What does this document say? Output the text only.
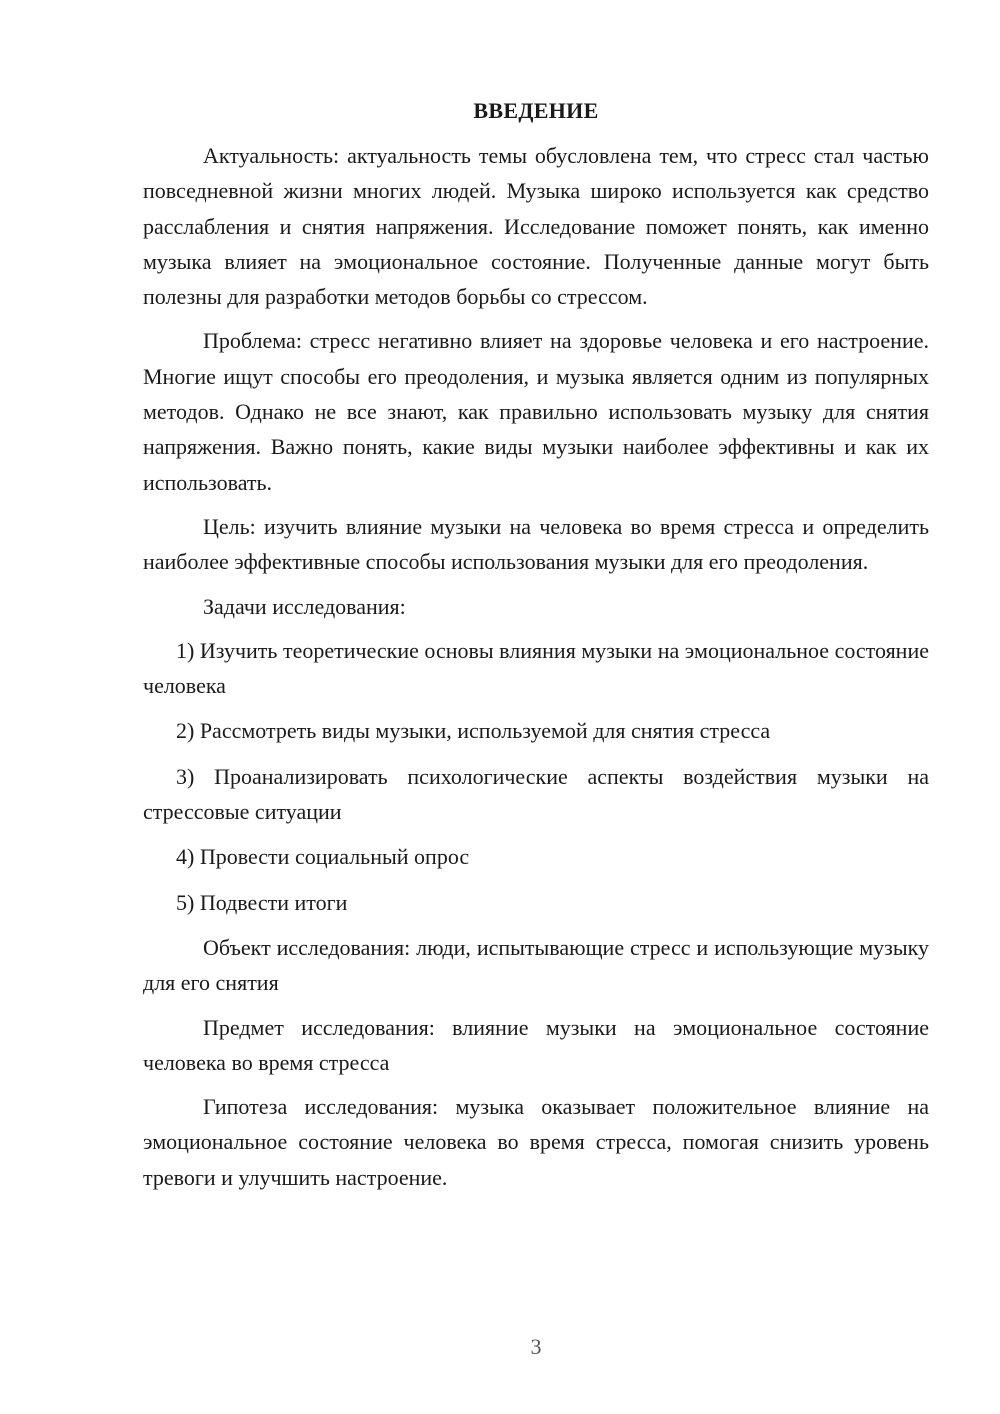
ВВЕДЕНИЕ

Актуальность: актуальность темы обусловлена тем, что стресс стал частью повседневной жизни многих людей. Музыка широко используется как средство расслабления и снятия напряжения. Исследование поможет понять, как именно музыка влияет на эмоциональное состояние. Полученные данные могут быть полезны для разработки методов борьбы со стрессом.

Проблема: стресс негативно влияет на здоровье человека и его настроение. Многие ищут способы его преодоления, и музыка является одним из популярных методов. Однако не все знают, как правильно использовать музыку для снятия напряжения. Важно понять, какие виды музыки наиболее эффективны и как их использовать.

Цель: изучить влияние музыки на человека во время стресса и определить наиболее эффективные способы использования музыки для его преодоления.

Задачи исследования:

1) Изучить теоретические основы влияния музыки на эмоциональное состояние человека

2) Рассмотреть виды музыки, используемой для снятия стресса

3) Проанализировать психологические аспекты воздействия музыки на стрессовые ситуации

4) Провести социальный опрос

5) Подвести итоги

Объект исследования: люди, испытывающие стресс и использующие музыку для его снятия

Предмет исследования: влияние музыки на эмоциональное состояние человека во время стресса

Гипотеза исследования: музыка оказывает положительное влияние на эмоциональное состояние человека во время стресса, помогая снизить уровень тревоги и улучшить настроение.

3
